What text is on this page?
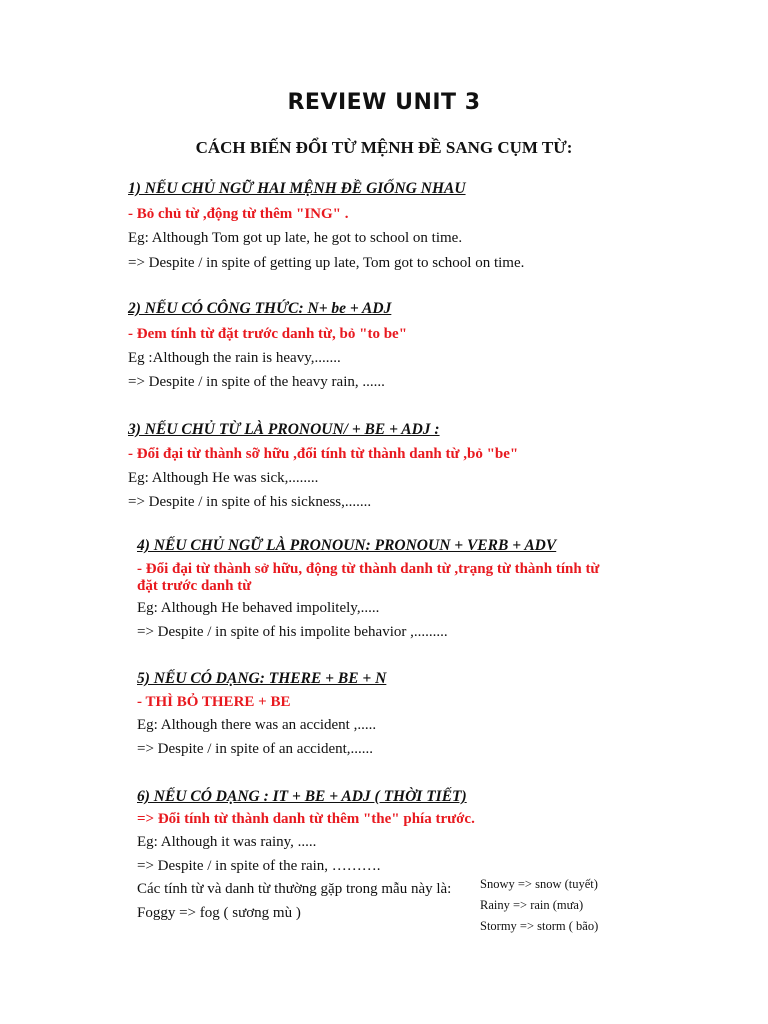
REVIEW UNIT 3
CÁCH BIẾN ĐỔI TỪ MỆNH ĐỀ SANG CỤM TỪ:
1) NẾU CHỦ NGỮ HAI MỆNH ĐỀ GIỐNG NHAU
- Bỏ chủ từ ,động từ thêm "ING" .
Eg: Although Tom got up late, he got to school on time.
=> Despite / in spite of getting up late, Tom got to school on time.
2) NẾU CÓ CÔNG THỨC: N+ be + ADJ
- Đem tính từ đặt trước danh từ, bỏ "to be"
Eg :Although the rain is heavy,.......
=> Despite / in spite of the heavy rain, ......
3) NẾU CHỦ TỪ LÀ PRONOUN/ + BE + ADJ :
- Đổi đại từ thành sỡ hữu ,đổi tính từ thành danh từ ,bỏ "be"
Eg: Although He was sick,........
=> Despite / in spite of his sickness,.......
4) NẾU CHỦ NGỮ LÀ PRONOUN: PRONOUN + VERB + ADV
- Đổi đại từ thành sở hữu, động từ thành danh từ ,trạng từ thành tính từ đặt trước danh từ
Eg: Although He behaved impolitely,.....
=> Despite / in spite of his impolite behavior ,.........
5) NẾU CÓ DẠNG: THERE + BE + N
- THÌ BỎ THERE + BE
Eg: Although there was an accident ,.....
=> Despite / in spite of an accident,......
6) NẾU CÓ DẠNG : IT + BE + ADJ ( THỜI TIẾT)
=> Đổi tính từ thành danh từ thêm "the" phía trước.
Eg: Although it was rainy, .....
=> Despite / in spite of the rain, ……….
Các tính từ và danh từ thường gặp trong mẫu này là:
Foggy => fog ( sương mù )
Snowy => snow (tuyết)
Rainy => rain (mưa)
Stormy => storm ( bão)
